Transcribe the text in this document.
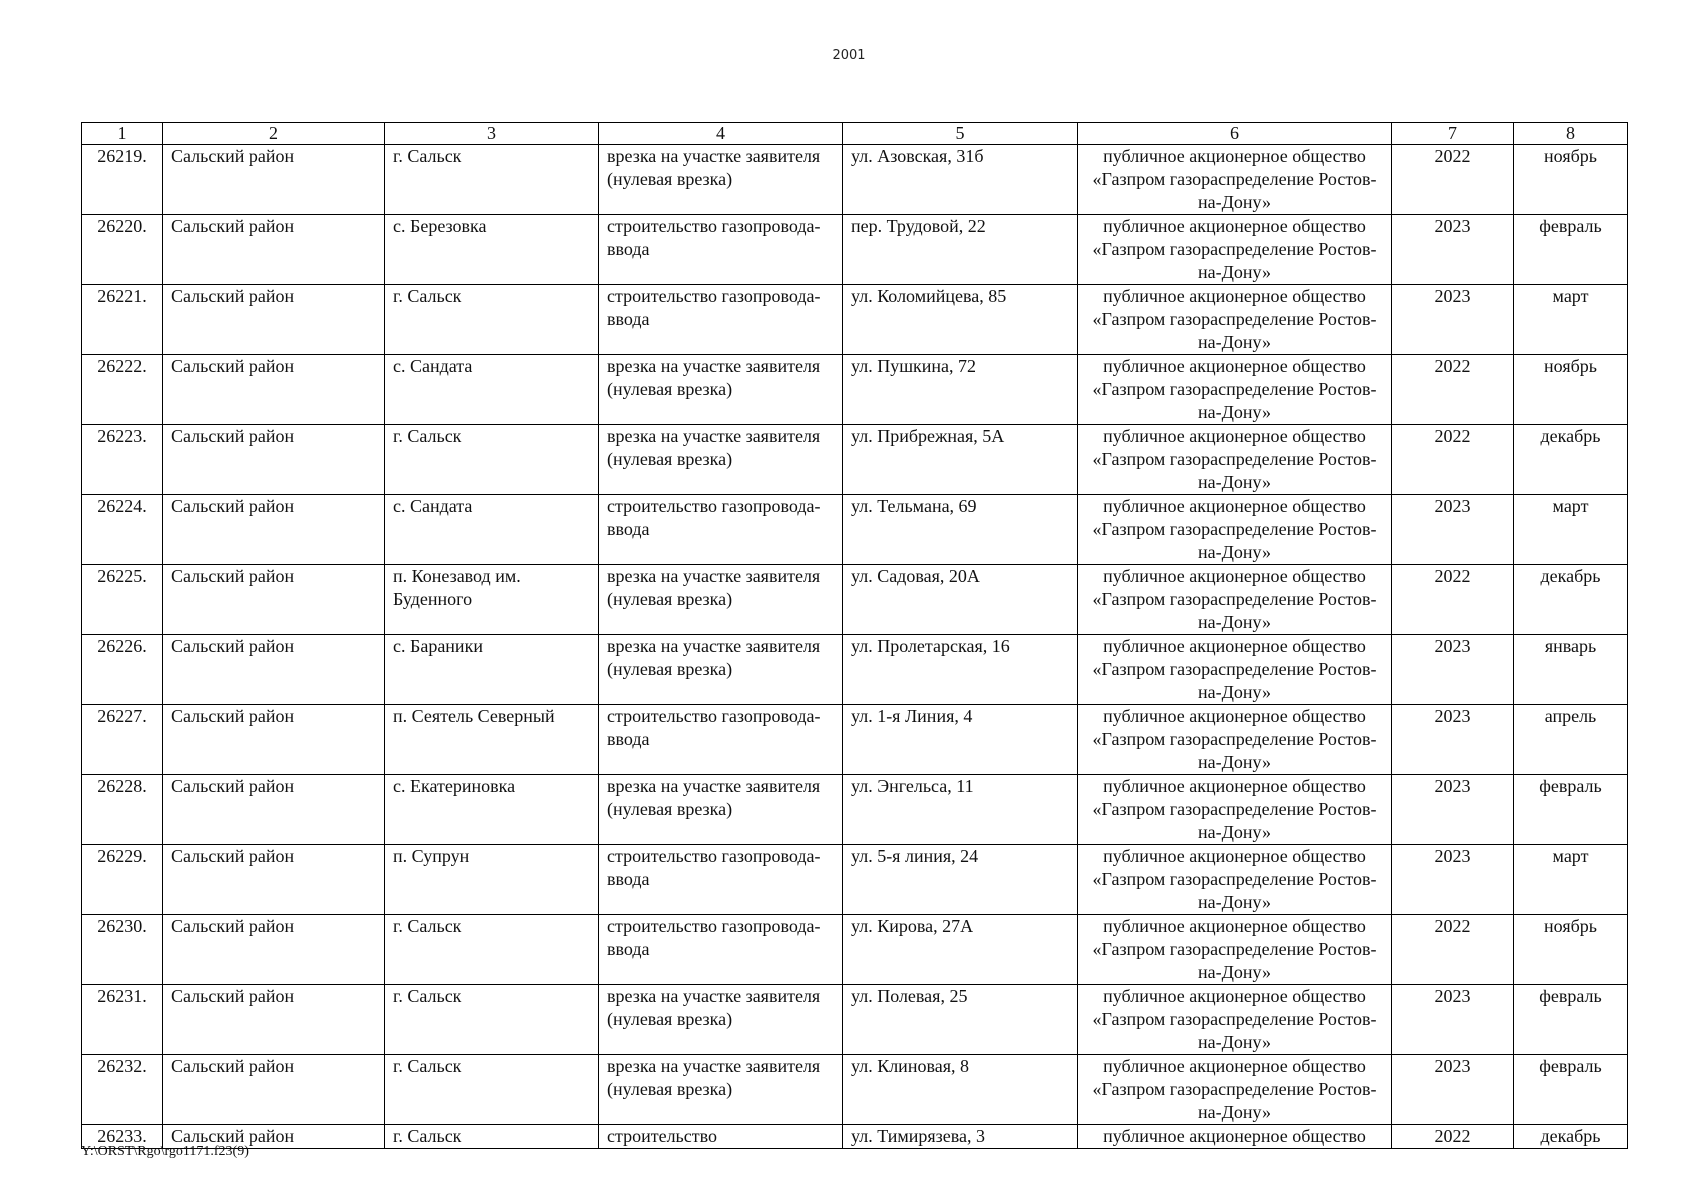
2001
1	2	3	4	5	6	7	8
26219.	Сальский район	г. Сальск	врезка на участке заявителя (нулевая врезка)	ул. Азовская, 31б	публичное акционерное общество «Газпром газораспределение Ростов-на-Дону»	2022	ноябрь
26220.	Сальский район	с. Березовка	строительство газопровода-ввода	пер. Трудовой, 22	публичное акционерное общество «Газпром газораспределение Ростов-на-Дону»	2023	февраль
26221.	Сальский район	г. Сальск	строительство газопровода-ввода	ул. Коломийцева, 85	публичное акционерное общество «Газпром газораспределение Ростов-на-Дону»	2023	март
26222.	Сальский район	с. Сандата	врезка на участке заявителя (нулевая врезка)	ул. Пушкина, 72	публичное акционерное общество «Газпром газораспределение Ростов-на-Дону»	2022	ноябрь
26223.	Сальский район	г. Сальск	врезка на участке заявителя (нулевая врезка)	ул. Прибрежная, 5А	публичное акционерное общество «Газпром газораспределение Ростов-на-Дону»	2022	декабрь
26224.	Сальский район	с. Сандата	строительство газопровода-ввода	ул. Тельмана, 69	публичное акционерное общество «Газпром газораспределение Ростов-на-Дону»	2023	март
26225.	Сальский район	п. Конезавод им. Буденного	врезка на участке заявителя (нулевая врезка)	ул. Садовая, 20А	публичное акционерное общество «Газпром газораспределение Ростов-на-Дону»	2022	декабрь
26226.	Сальский район	с. Бараники	врезка на участке заявителя (нулевая врезка)	ул. Пролетарская, 16	публичное акционерное общество «Газпром газораспределение Ростов-на-Дону»	2023	январь
26227.	Сальский район	п. Сеятель Северный	строительство газопровода-ввода	ул. 1-я Линия, 4	публичное акционерное общество «Газпром газораспределение Ростов-на-Дону»	2023	апрель
26228.	Сальский район	с. Екатериновка	врезка на участке заявителя (нулевая врезка)	ул. Энгельса, 11	публичное акционерное общество «Газпром газораспределение Ростов-на-Дону»	2023	февраль
26229.	Сальский район	п. Супрун	строительство газопровода-ввода	ул. 5-я линия, 24	публичное акционерное общество «Газпром газораспределение Ростов-на-Дону»	2023	март
26230.	Сальский район	г. Сальск	строительство газопровода-ввода	ул. Кирова, 27А	публичное акционерное общество «Газпром газораспределение Ростов-на-Дону»	2022	ноябрь
26231.	Сальский район	г. Сальск	врезка на участке заявителя (нулевая врезка)	ул. Полевая, 25	публичное акционерное общество «Газпром газораспределение Ростов-на-Дону»	2023	февраль
26232.	Сальский район	г. Сальск	врезка на участке заявителя (нулевая врезка)	ул. Клиновая, 8	публичное акционерное общество «Газпром газораспределение Ростов-на-Дону»	2023	февраль
26233.	Сальский район	г. Сальск	строительство	ул. Тимирязева, 3	публичное акционерное общество	2022	декабрь
Y:\ORST\Rgo\rgo1171.f23(9)
